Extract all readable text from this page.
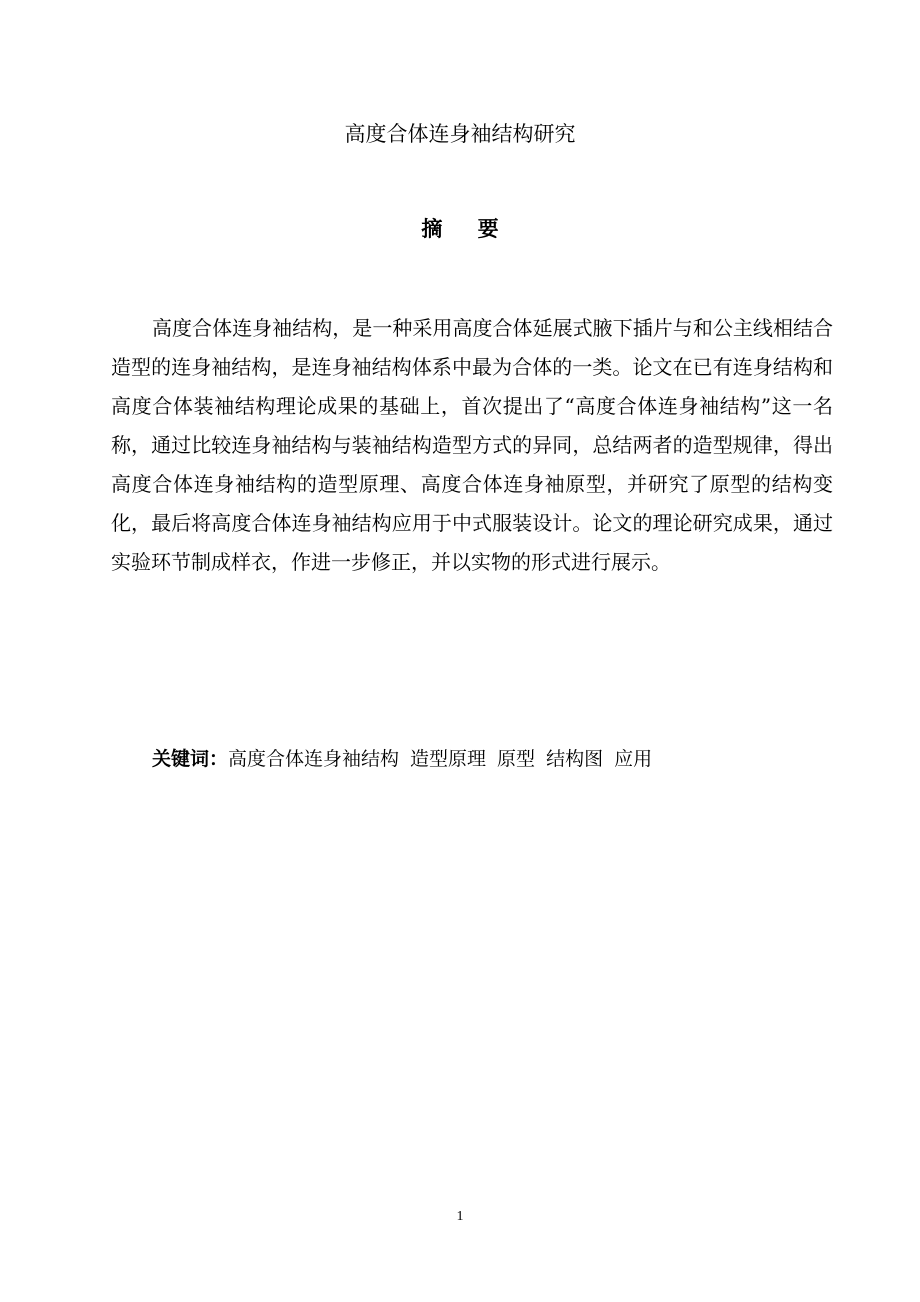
高度合体连身袖结构研究
摘 要

高度合体连身袖结构，是一种采用高度合体延展式腋下插片与和公主线相结合造型的连身袖结构，是连身袖结构体系中最为合体的一类。论文在已有连身结构和高度合体装袖结构理论成果的基础上，首次提出了“高度合体连身袖结构”这一名称，通过比较连身袖结构与装袖结构造型方式的异同，总结两者的造型规律，得出高度合体连身袖结构的造型原理、高度合体连身袖原型，并研究了原型的结构变化，最后将高度合体连身袖结构应用于中式服装设计。论文的理论研究成果，通过实验环节制成样衣，作进一步修正，并以实物的形式进行展示。

关键词：高度合体连身袖结构 造型原理 原型 结构图 应用

1
